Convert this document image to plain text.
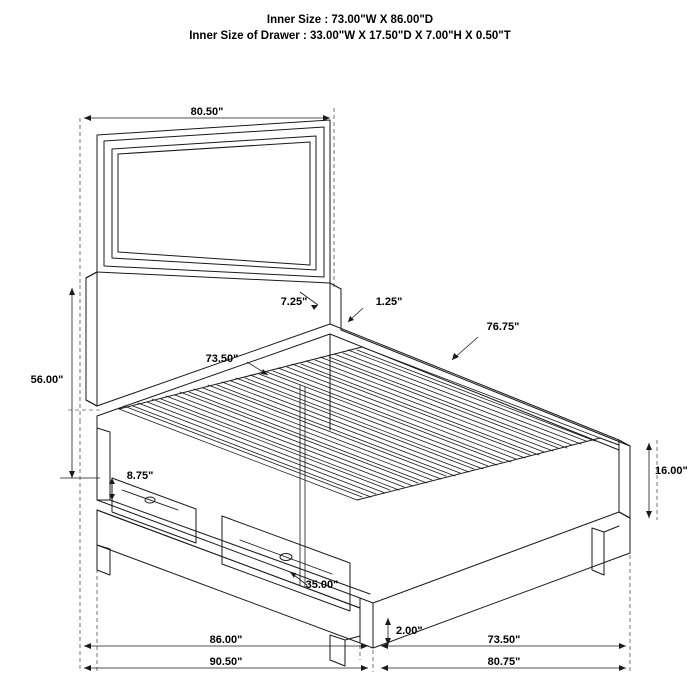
Inner Size : 73.00"W X 86.00"D
Inner Size of Drawer : 33.00"W X 17.50"D X 7.00"H X 0.50"T
80.50"
56.00"
7.25"	1.25"
76.75"
73.50"
8.75"	16.00"
35.00"
2.00"
86.00"
90.50"
73.50"
80.75"
